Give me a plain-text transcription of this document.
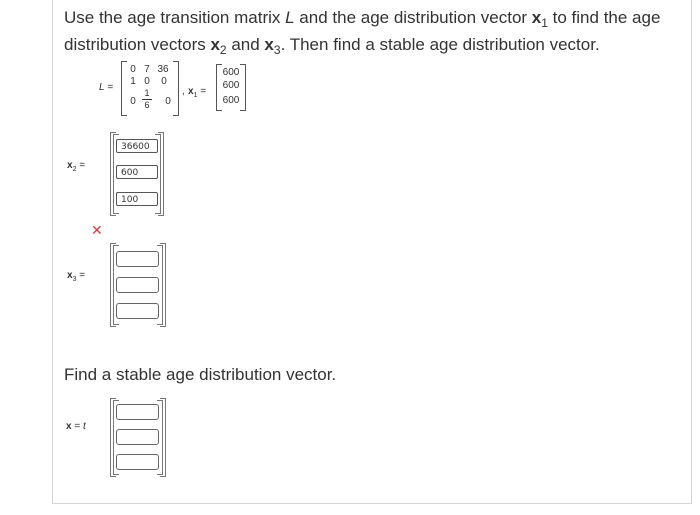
Use the age transition matrix L and the age distribution vector $x_1$ to find the age distribution vectors $x_2$ and $x_3$. Then find a stable age distribution vector.
L =
0 7 36
1 0	0
0
1
6	0
, $x_1$ =
600
600
600
$x_2$ =
36600
600
100
✕
$x_3$ =
Find a stable age distribution vector.
x = t
